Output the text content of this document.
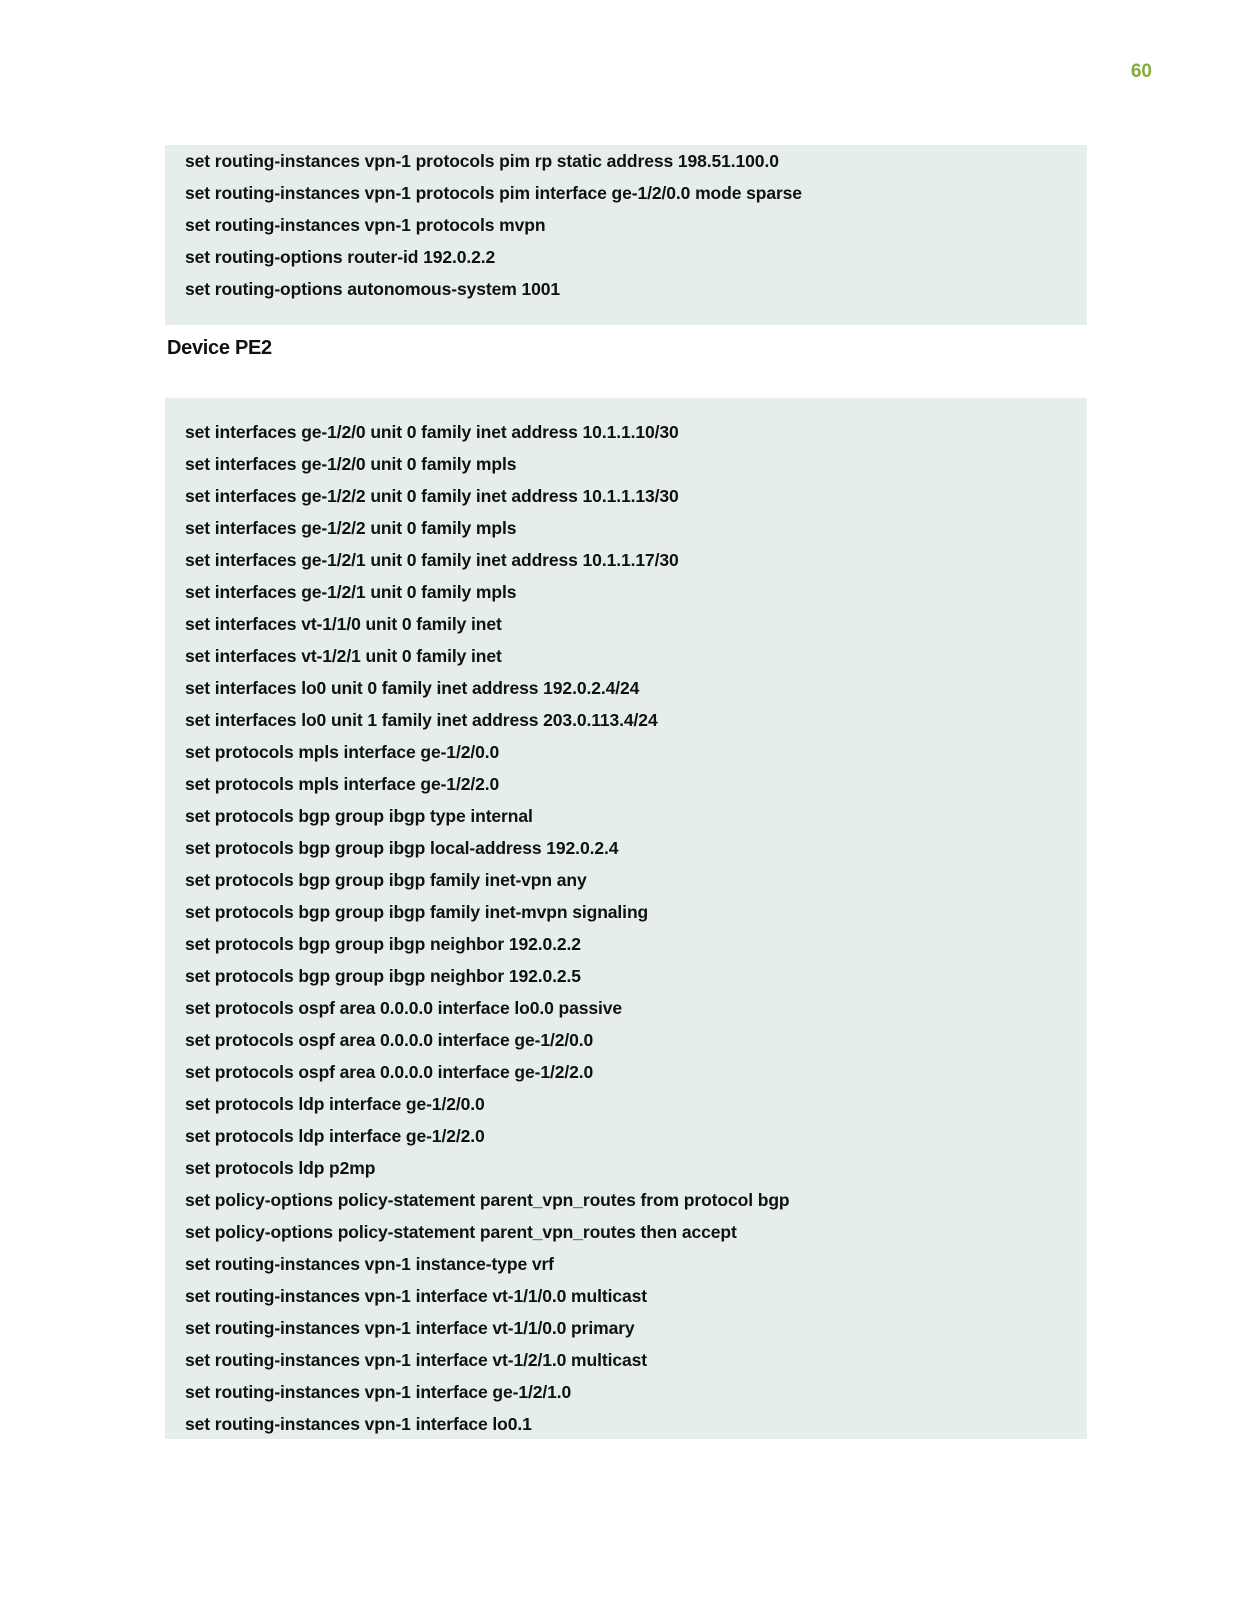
60
set routing-instances vpn-1 protocols pim rp static address 198.51.100.0
set routing-instances vpn-1 protocols pim interface ge-1/2/0.0 mode sparse
set routing-instances vpn-1 protocols mvpn
set routing-options router-id 192.0.2.2
set routing-options autonomous-system 1001
Device PE2
set interfaces ge-1/2/0 unit 0 family inet address 10.1.1.10/30
set interfaces ge-1/2/0 unit 0 family mpls
set interfaces ge-1/2/2 unit 0 family inet address 10.1.1.13/30
set interfaces ge-1/2/2 unit 0 family mpls
set interfaces ge-1/2/1 unit 0 family inet address 10.1.1.17/30
set interfaces ge-1/2/1 unit 0 family mpls
set interfaces vt-1/1/0 unit 0 family inet
set interfaces vt-1/2/1 unit 0 family inet
set interfaces lo0 unit 0 family inet address 192.0.2.4/24
set interfaces lo0 unit 1 family inet address 203.0.113.4/24
set protocols mpls interface ge-1/2/0.0
set protocols mpls interface ge-1/2/2.0
set protocols bgp group ibgp type internal
set protocols bgp group ibgp local-address 192.0.2.4
set protocols bgp group ibgp family inet-vpn any
set protocols bgp group ibgp family inet-mvpn signaling
set protocols bgp group ibgp neighbor 192.0.2.2
set protocols bgp group ibgp neighbor 192.0.2.5
set protocols ospf area 0.0.0.0 interface lo0.0 passive
set protocols ospf area 0.0.0.0 interface ge-1/2/0.0
set protocols ospf area 0.0.0.0 interface ge-1/2/2.0
set protocols ldp interface ge-1/2/0.0
set protocols ldp interface ge-1/2/2.0
set protocols ldp p2mp
set policy-options policy-statement parent_vpn_routes from protocol bgp
set policy-options policy-statement parent_vpn_routes then accept
set routing-instances vpn-1 instance-type vrf
set routing-instances vpn-1 interface vt-1/1/0.0 multicast
set routing-instances vpn-1 interface vt-1/1/0.0 primary
set routing-instances vpn-1 interface vt-1/2/1.0 multicast
set routing-instances vpn-1 interface ge-1/2/1.0
set routing-instances vpn-1 interface lo0.1
